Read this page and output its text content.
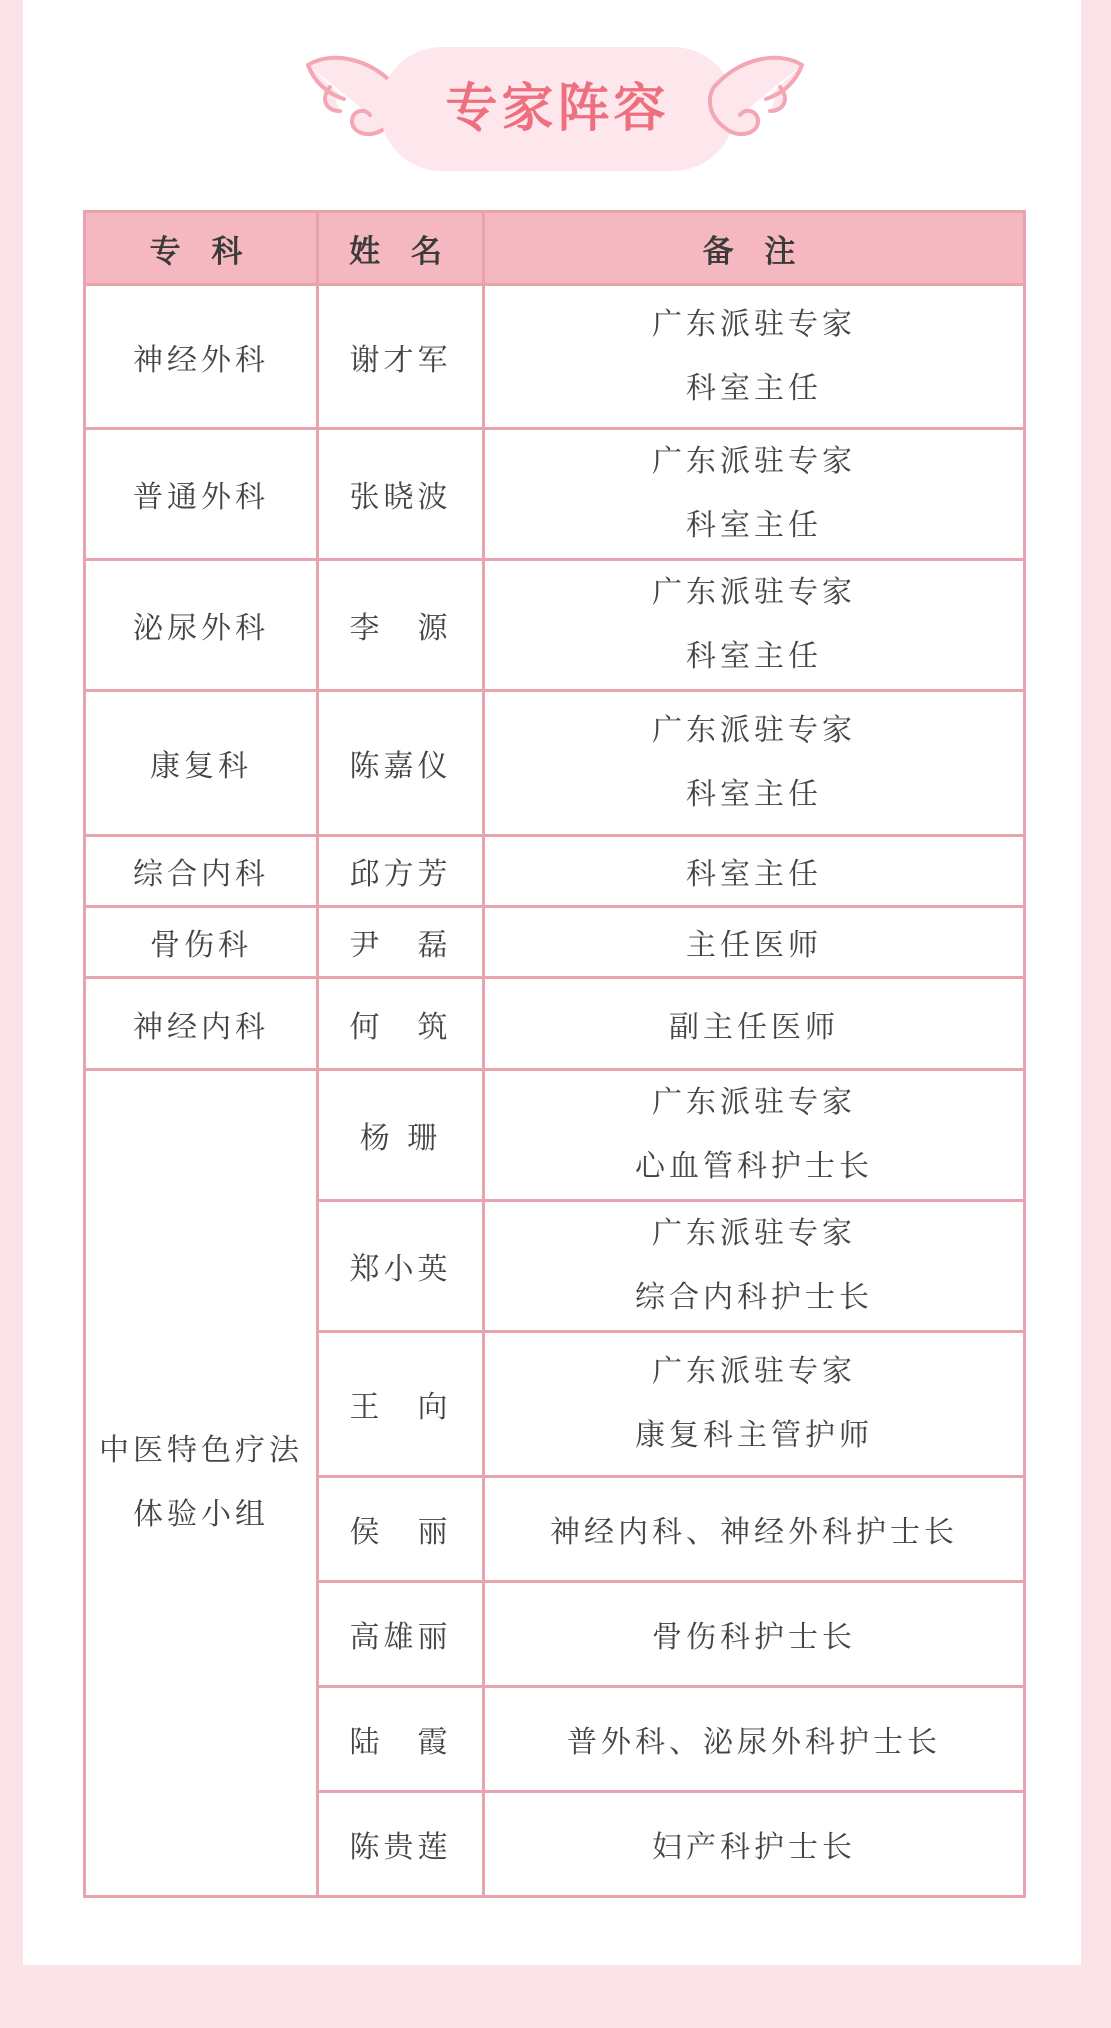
专家阵容
专 科	姓 名	备 注
神经外科	谢才军	广东派驻专家
科室主任

普通外科	张晓波	广东派驻专家
科室主任

泌尿外科	李　源	广东派驻专家
科室主任

康复科	陈嘉仪	广东派驻专家
科室主任

综合内科	邱方芳	科室主任
骨伤科	尹　磊	主任医师
神经内科	何　筑	副主任医师

中医特色疗法
体验小组	杨 珊	广东派驻专家
心血管科护士长

	郑小英	广东派驻专家
综合内科护士长

	王　向	广东派驻专家
康复科主管护师

	侯　丽	神经内科、神经外科护士长
	高雄丽	骨伤科护士长
	陆　霞	普外科、泌尿外科护士长
	陈贵莲	妇产科护士长
